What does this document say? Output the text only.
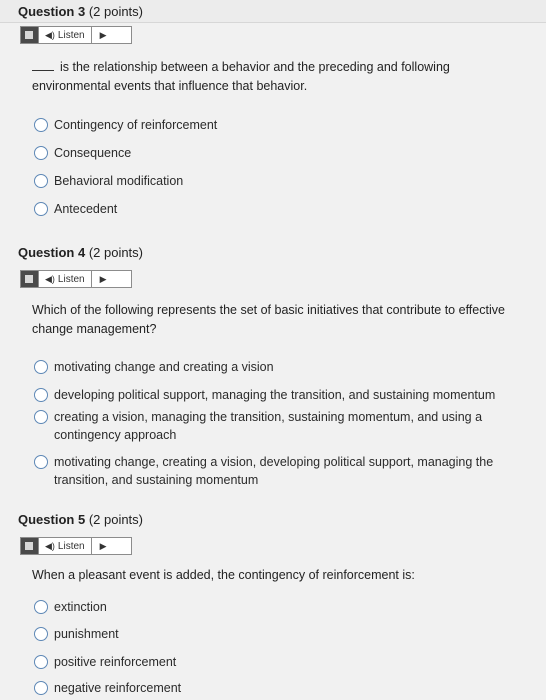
Question 3 (2 points)
◀) Listen ▶
is the relationship between a behavior and the preceding and following environmental events that influence that behavior.
Contingency of reinforcement
Consequence
Behavioral modification
Antecedent
Question 4 (2 points)
◀) Listen ▶
Which of the following represents the set of basic initiatives that contribute to effective change management?
motivating change and creating a vision
developing political support, managing the transition, and sustaining momentum
creating a vision, managing the transition, sustaining momentum, and using a contingency approach
motivating change, creating a vision, developing political support, managing the transition, and sustaining momentum
Question 5 (2 points)
◀) Listen ▶
When a pleasant event is added, the contingency of reinforcement is:
extinction
punishment
positive reinforcement
negative reinforcement
